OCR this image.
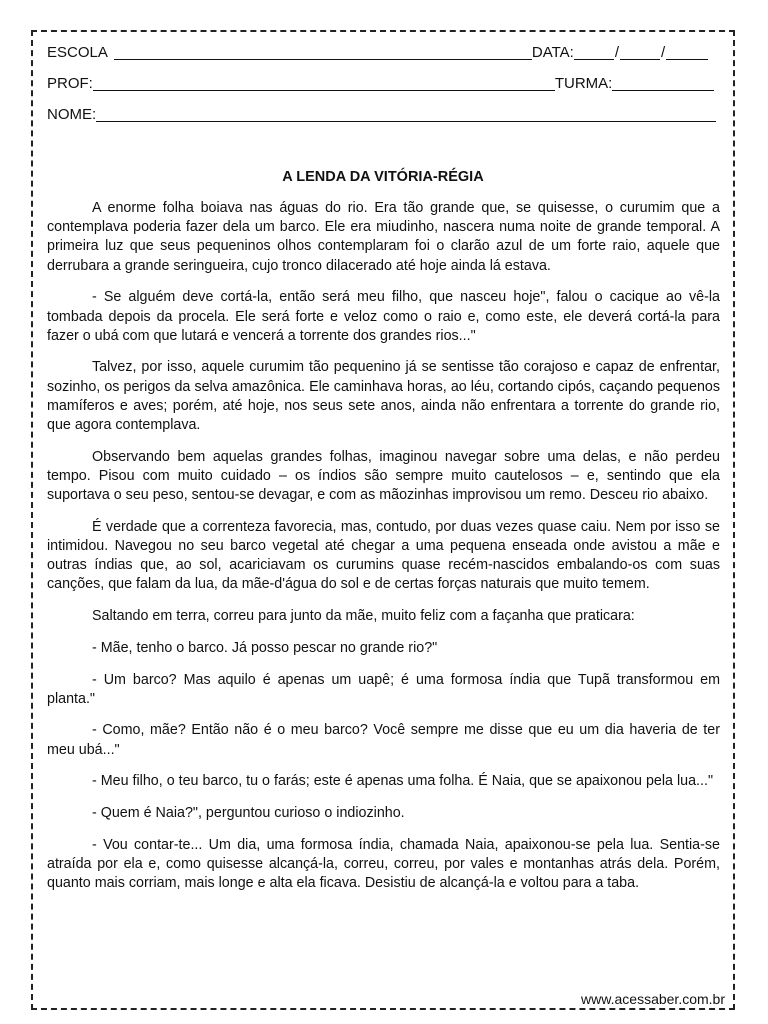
ESCOLA	DATA:	/	/
PROF:	TURMA:
NOME:
A LENDA DA VITÓRIA-RÉGIA

A enorme folha boiava nas águas do rio. Era tão grande que, se quisesse, o curumim que a contemplava poderia fazer dela um barco. Ele era miudinho, nascera numa noite de grande temporal. A primeira luz que seus pequeninos olhos contemplaram foi o clarão azul de um forte raio, aquele que derrubara a grande seringueira, cujo tronco dilacerado até hoje ainda lá estava.

- Se alguém deve cortá-la, então será meu filho, que nasceu hoje", falou o cacique ao vê-la tombada depois da procela. Ele será forte e veloz como o raio e, como este, ele deverá cortá-la para fazer o ubá com que lutará e vencerá a torrente dos grandes rios..."

Talvez, por isso, aquele curumim tão pequenino já se sentisse tão corajoso e capaz de enfrentar, sozinho, os perigos da selva amazônica. Ele caminhava horas, ao léu, cortando cipós, caçando pequenos mamíferos e aves; porém, até hoje, nos seus sete anos, ainda não enfrentara a torrente do grande rio, que agora contemplava.

Observando bem aquelas grandes folhas, imaginou navegar sobre uma delas, e não perdeu tempo. Pisou com muito cuidado – os índios são sempre muito cautelosos – e, sentindo que ela suportava o seu peso, sentou-se devagar, e com as mãozinhas improvisou um remo. Desceu rio abaixo.

É verdade que a correnteza favorecia, mas, contudo, por duas vezes quase caiu. Nem por isso se intimidou. Navegou no seu barco vegetal até chegar a uma pequena enseada onde avistou a mãe e outras índias que, ao sol, acariciavam os curumins quase recém-nascidos embalando-os com suas canções, que falam da lua, da mãe-d'água do sol e de certas forças naturais que muito temem.

Saltando em terra, correu para junto da mãe, muito feliz com a façanha que praticara:

- Mãe, tenho o barco. Já posso pescar no grande rio?"

- Um barco? Mas aquilo é apenas um uapê; é uma formosa índia que Tupã transformou em planta."

- Como, mãe? Então não é o meu barco? Você sempre me disse que eu um dia haveria de ter meu ubá..."

- Meu filho, o teu barco, tu o farás; este é apenas uma folha. É Naia, que se apaixonou pela lua..."

- Quem é Naia?", perguntou curioso o indiozinho.

- Vou contar-te... Um dia, uma formosa índia, chamada Naia, apaixonou-se pela lua. Sentia-se atraída por ela e, como quisesse alcançá-la, correu, correu, por vales e montanhas atrás dela. Porém, quanto mais corriam, mais longe e alta ela ficava. Desistiu de alcançá-la e voltou para a taba.

www.acessaber.com.br
